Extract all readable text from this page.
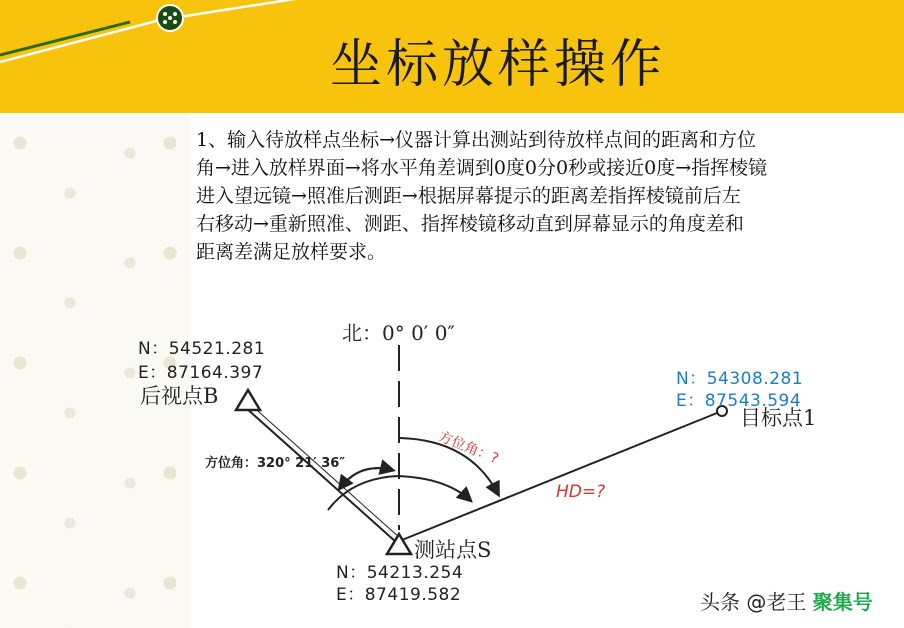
坐标放样操作
1、输入待放样点坐标→仪器计算出测站到待放样点间的距离和方位
角→进入放样界面→将水平角差调到0度0分0秒或接近0度→指挥棱镜
进入望远镜→照准后测距→根据屏幕提示的距离差指挥棱镜前后左
右移动→重新照准、测距、指挥棱镜移动直到屏幕显示的角度差和
距离差满足放样要求。
北：0° 0′ 0″
N：54521.281
E：87164.397
后视点B
N：54308.281
E：87543.594
目标点1
测站点S
N：54213.254
E：87419.582
方位角：320° 21′ 36″	方位角：?
HD=?
头条 @老王 聚集号
